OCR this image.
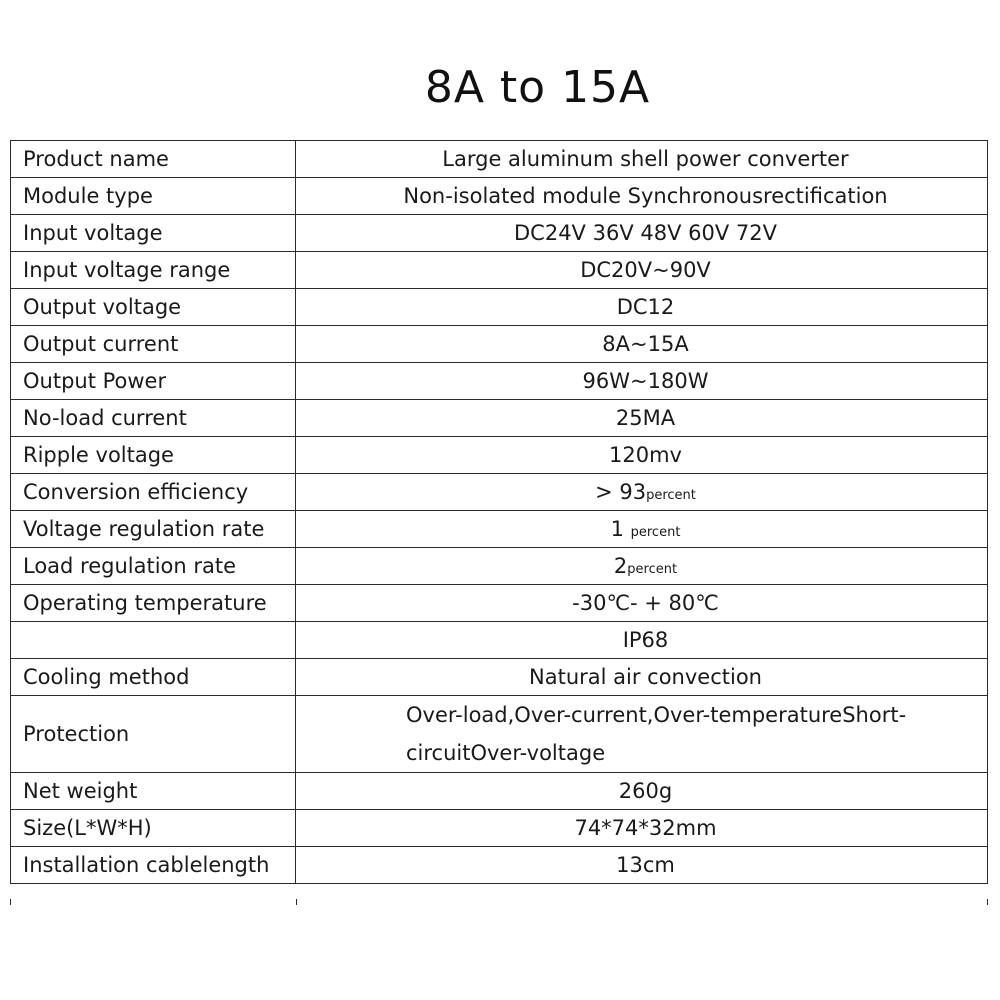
8A to 15A
Product name	Large aluminum shell power converter
Module type	Non-isolated module Synchronousrectification
Input voltage	DC24V 36V 48V 60V 72V
Input voltage range	DC20V~90V
Output voltage	DC12
Output current	8A~15A
Output Power	96W~180W
No-load current	25MA
Ripple voltage	120mv
Conversion efficiency	> 93percent
Voltage regulation rate	1 percent
Load regulation rate	2percent
Operating temperature	-30℃- + 80℃
	IP68
Cooling method	Natural air convection
Protection	Over-load,Over-current,Over-temperatureShort-circuitOver-voltage
Net weight	260g
Size(L*W*H)	74*74*32mm
Installation cablelength	13cm
